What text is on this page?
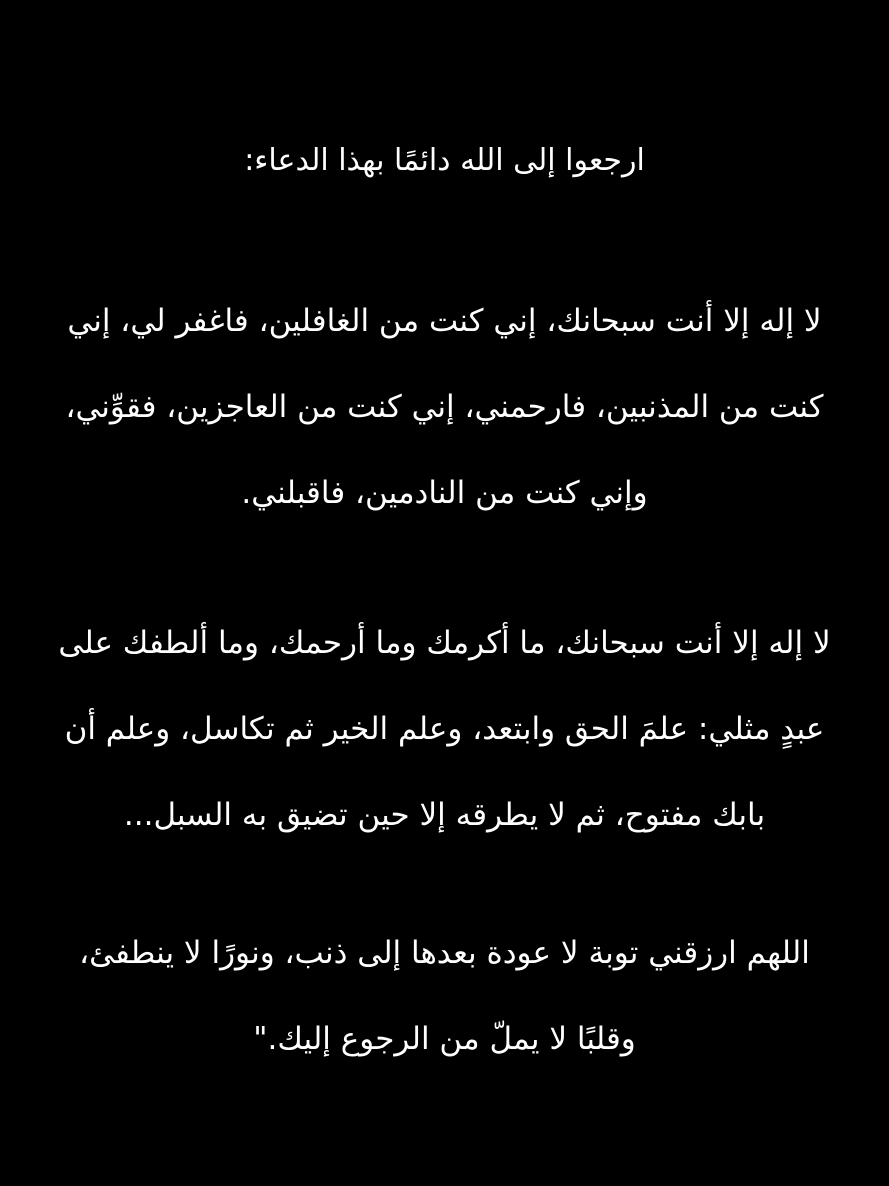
ارجعوا إلى الله دائمًا بهذا الدعاء:

لا إله إلا أنت سبحانك، إني كنت من الغافلين، فاغفر لي، إني
كنت من المذنبين، فارحمني، إني كنت من العاجزين، فقوِّني،
وإني كنت من النادمين، فاقبلني.

لا إله إلا أنت سبحانك، ما أكرمك وما أرحمك، وما ألطفك على
عبدٍ مثلي: علمَ الحق وابتعد، وعلم الخير ثم تكاسل، وعلم أن
بابك مفتوح، ثم لا يطرقه إلا حين تضيق به السبل...

اللهم ارزقني توبة لا عودة بعدها إلى ذنب، ونورًا لا ينطفئ،
وقلبًا لا يملّ من الرجوع إليك."
